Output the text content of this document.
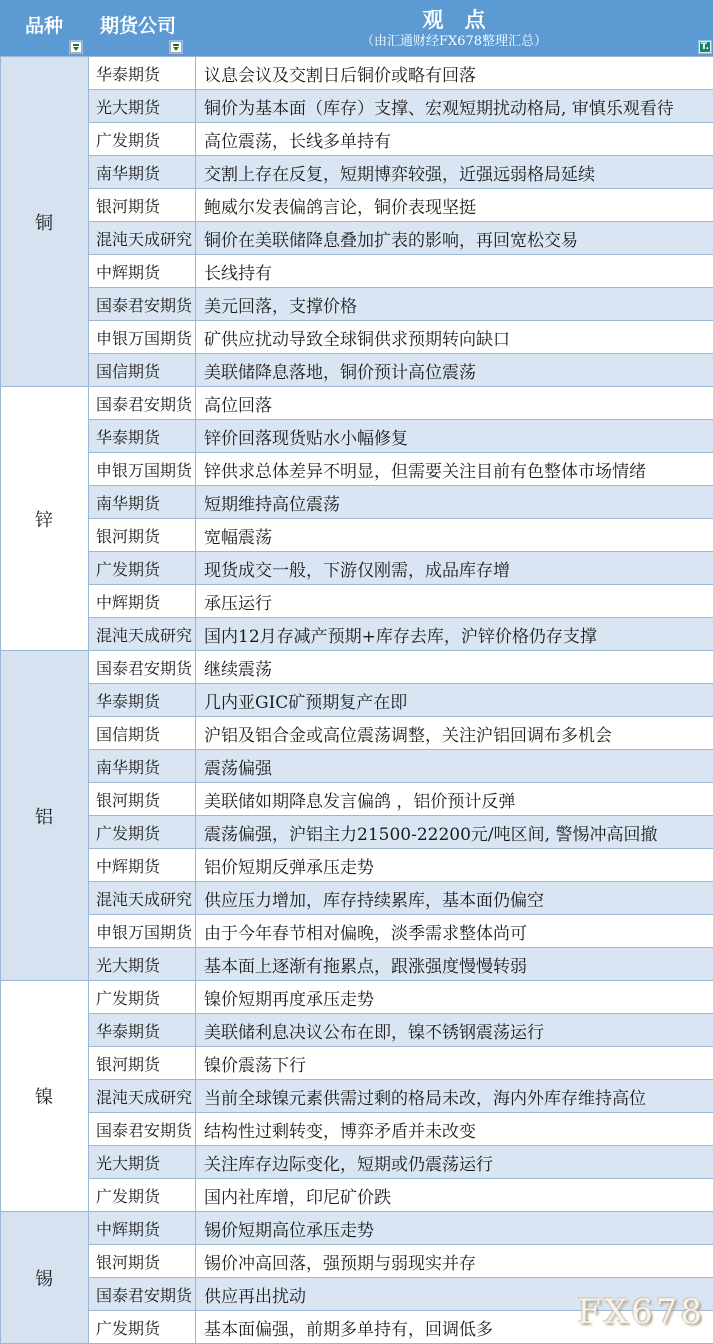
品种	期货公司	观　点
（由汇通财经FX678整理汇总）	T.
铜	华泰期货	议息会议及交割日后铜价或略有回落
	光大期货	铜价为基本面（库存）支撑、宏观短期扰动格局, 审慎乐观看待
	广发期货	高位震荡，长线多单持有
	南华期货	交割上存在反复，短期博弈较强，近强远弱格局延续
	银河期货	鲍威尔发表偏鸽言论，铜价表现坚挺
	混沌天成研究	铜价在美联储降息叠加扩表的影响，再回宽松交易
	中辉期货	长线持有
	国泰君安期货	美元回落，支撑价格
	申银万国期货	矿供应扰动导致全球铜供求预期转向缺口
	国信期货	美联储降息落地，铜价预计高位震荡
锌	国泰君安期货	高位回落
	华泰期货	锌价回落现货贴水小幅修复
	申银万国期货	锌供求总体差异不明显，但需要关注目前有色整体市场情绪
	南华期货	短期维持高位震荡
	银河期货	宽幅震荡
	广发期货	现货成交一般，下游仅刚需，成品库存增
	中辉期货	承压运行
	混沌天成研究	国内12月存减产预期+库存去库，沪锌价格仍存支撑
铝	国泰君安期货	继续震荡
	华泰期货	几内亚GIC矿预期复产在即
	国信期货	沪铝及铝合金或高位震荡调整，关注沪铝回调布多机会
	南华期货	震荡偏强
	银河期货	美联储如期降息发言偏鸽 ，铝价预计反弹
	广发期货	震荡偏强，沪铝主力21500-22200元/吨区间, 警惕冲高回撤
	中辉期货	铝价短期反弹承压走势
	混沌天成研究	供应压力增加，库存持续累库，基本面仍偏空
	申银万国期货	由于今年春节相对偏晚，淡季需求整体尚可
	光大期货	基本面上逐渐有拖累点，跟涨强度慢慢转弱
镍	广发期货	镍价短期再度承压走势
	华泰期货	美联储利息决议公布在即，镍不锈钢震荡运行
	银河期货	镍价震荡下行
	混沌天成研究	当前全球镍元素供需过剩的格局未改，海内外库存维持高位
	国泰君安期货	结构性过剩转变，博弈矛盾并未改变
	光大期货	关注库存边际变化，短期或仍震荡运行
	广发期货	国内社库增，印尼矿价跌
锡	中辉期货	锡价短期高位承压走势
	银河期货	锡价冲高回落，强预期与弱现实并存
	国泰君安期货	供应再出扰动
	广发期货	基本面偏强，前期多单持有，回调低多 FX678
